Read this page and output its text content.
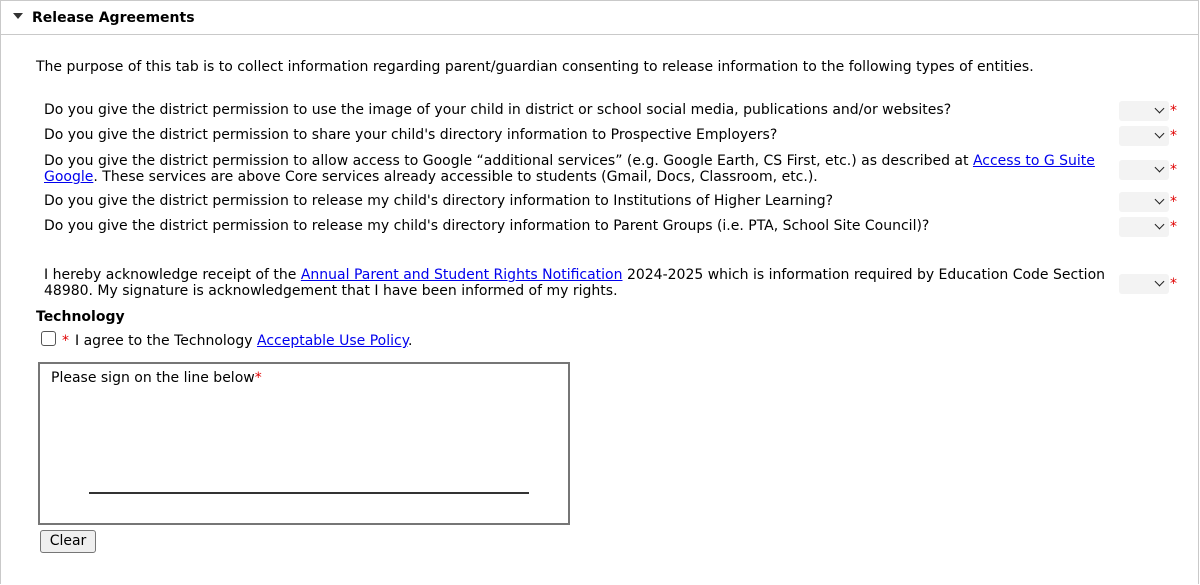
Release Agreements
The purpose of this tab is to collect information regarding parent/guardian consenting to release information to the following types of entities.
Do you give the district permission to use the image of your child in district or school social media, publications and/or websites?	*
Do you give the district permission to share your child's directory information to Prospective Employers?	*
Do you give the district permission to allow access to Google “additional services” (e.g. Google Earth, CS First, etc.) as described at Access to G Suite Google. These services are above Core services already accessible to students (Gmail, Docs, Classroom, etc.).	*
Do you give the district permission to release my child's directory information to Institutions of Higher Learning?	*
Do you give the district permission to release my child's directory information to Parent Groups (i.e. PTA, School Site Council)?	*
I hereby acknowledge receipt of the Annual Parent and Student Rights Notification 2024-2025 which is information required by Education Code Section 48980. My signature is acknowledgement that I have been informed of my rights.	*
Technology
* I agree to the Technology Acceptable Use Policy.
Please sign on the line below*
Clear
